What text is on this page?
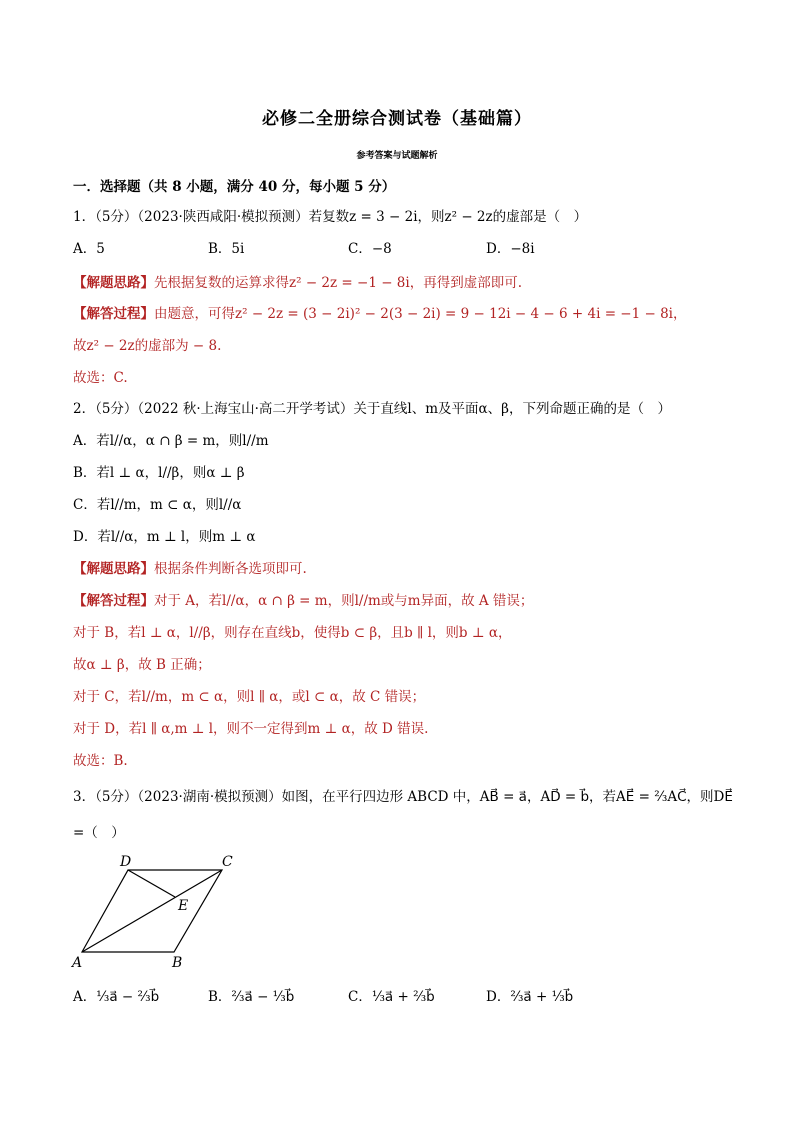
必修二全册综合测试卷（基础篇）
参考答案与试题解析
一．选择题（共 8 小题，满分 40 分，每小题 5 分）
1．（5分）（2023·陕西咸阳·模拟预测）若复数z = 3 − 2i，则z² − 2z的虚部是（　）
A．5	B．5i	C．−8	D．−8i
【解题思路】先根据复数的运算求得z² − 2z = −1 − 8i，再得到虚部即可.
【解答过程】由题意，可得z² − 2z = (3 − 2i)² − 2(3 − 2i) = 9 − 12i − 4 − 6 + 4i = −1 − 8i，
故z² − 2z的虚部为 − 8.
故选：C.
2．（5分）（2022 秋·上海宝山·高二开学考试）关于直线l、m及平面α、β，下列命题正确的是（　）
A．若l//α，α ∩ β = m，则l//m
B．若l ⊥ α，l//β，则α ⊥ β
C．若l//m，m ⊂ α，则l//α
D．若l//α，m ⊥ l，则m ⊥ α
【解题思路】根据条件判断各选项即可.
【解答过程】对于 A，若l//α，α ∩ β = m，则l//m或与m异面，故 A 错误；
对于 B，若l ⊥ α，l//β，则存在直线b，使得b ⊂ β，且b ∥ l，则b ⊥ α，
故α ⊥ β，故 B 正确；
对于 C，若l//m，m ⊂ α，则l ∥ α，或l ⊂ α，故 C 错误；
对于 D，若l ∥ α,m ⊥ l，则不一定得到m ⊥ α，故 D 错误.
故选：B.
3．（5分）（2023·湖南·模拟预测）如图，在平行四边形 ABCD 中，AB⃗ = a⃗，AD⃗ = b⃗，若AE⃗ = ⅔AC⃗，则DE⃗
=（　）
D	C
E
A	B
A．⅓a⃗ − ⅔b⃗	B．⅔a⃗ − ⅓b⃗	C．⅓a⃗ + ⅔b⃗	D．⅔a⃗ + ⅓b⃗
